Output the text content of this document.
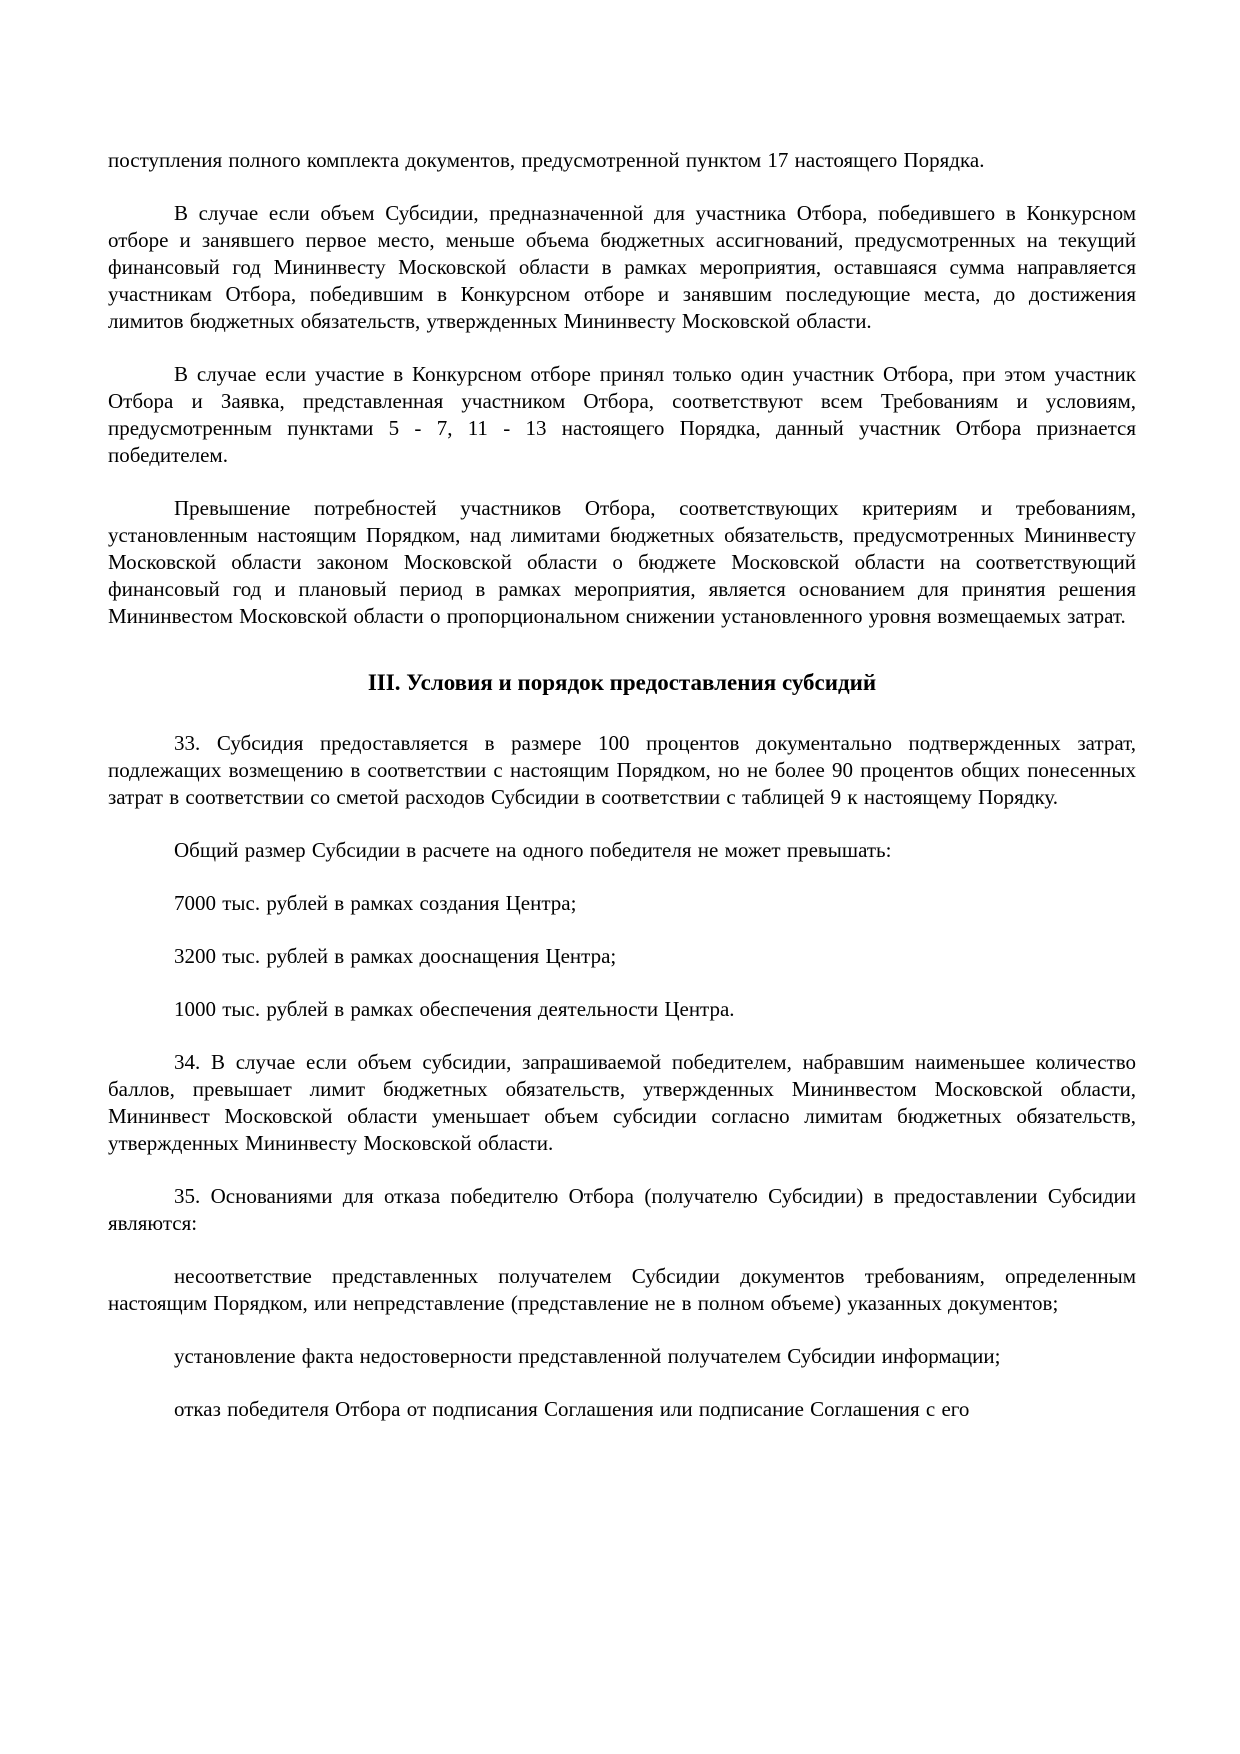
поступления полного комплекта документов, предусмотренной пунктом 17 настоящего Порядка.

В случае если объем Субсидии, предназначенной для участника Отбора, победившего в Конкурсном отборе и занявшего первое место, меньше объема бюджетных ассигнований, предусмотренных на текущий финансовый год Мининвесту Московской области в рамках мероприятия, оставшаяся сумма направляется участникам Отбора, победившим в Конкурсном отборе и занявшим последующие места, до достижения лимитов бюджетных обязательств, утвержденных Мининвесту Московской области.

В случае если участие в Конкурсном отборе принял только один участник Отбора, при этом участник Отбора и Заявка, представленная участником Отбора, соответствуют всем Требованиям и условиям, предусмотренным пунктами 5 - 7, 11 - 13 настоящего Порядка, данный участник Отбора признается победителем.

Превышение потребностей участников Отбора, соответствующих критериям и требованиям, установленным настоящим Порядком, над лимитами бюджетных обязательств, предусмотренных Мининвесту Московской области законом Московской области о бюджете Московской области на соответствующий финансовый год и плановый период в рамках мероприятия, является основанием для принятия решения Мининвестом Московской области о пропорциональном снижении установленного уровня возмещаемых затрат.

III. Условия и порядок предоставления субсидий

33. Субсидия предоставляется в размере 100 процентов документально подтвержденных затрат, подлежащих возмещению в соответствии с настоящим Порядком, но не более 90 процентов общих понесенных затрат в соответствии со сметой расходов Субсидии в соответствии с таблицей 9 к настоящему Порядку.

Общий размер Субсидии в расчете на одного победителя не может превышать:

7000 тыс. рублей в рамках создания Центра;

3200 тыс. рублей в рамках дооснащения Центра;

1000 тыс. рублей в рамках обеспечения деятельности Центра.

34. В случае если объем субсидии, запрашиваемой победителем, набравшим наименьшее количество баллов, превышает лимит бюджетных обязательств, утвержденных Мининвестом Московской области, Мининвест Московской области уменьшает объем субсидии согласно лимитам бюджетных обязательств, утвержденных Мининвесту Московской области.

35. Основаниями для отказа победителю Отбора (получателю Субсидии) в предоставлении Субсидии являются:

несоответствие представленных получателем Субсидии документов требованиям, определенным настоящим Порядком, или непредставление (представление не в полном объеме) указанных документов;

установление факта недостоверности представленной получателем Субсидии информации;

отказ победителя Отбора от подписания Соглашения или подписание Соглашения с его
